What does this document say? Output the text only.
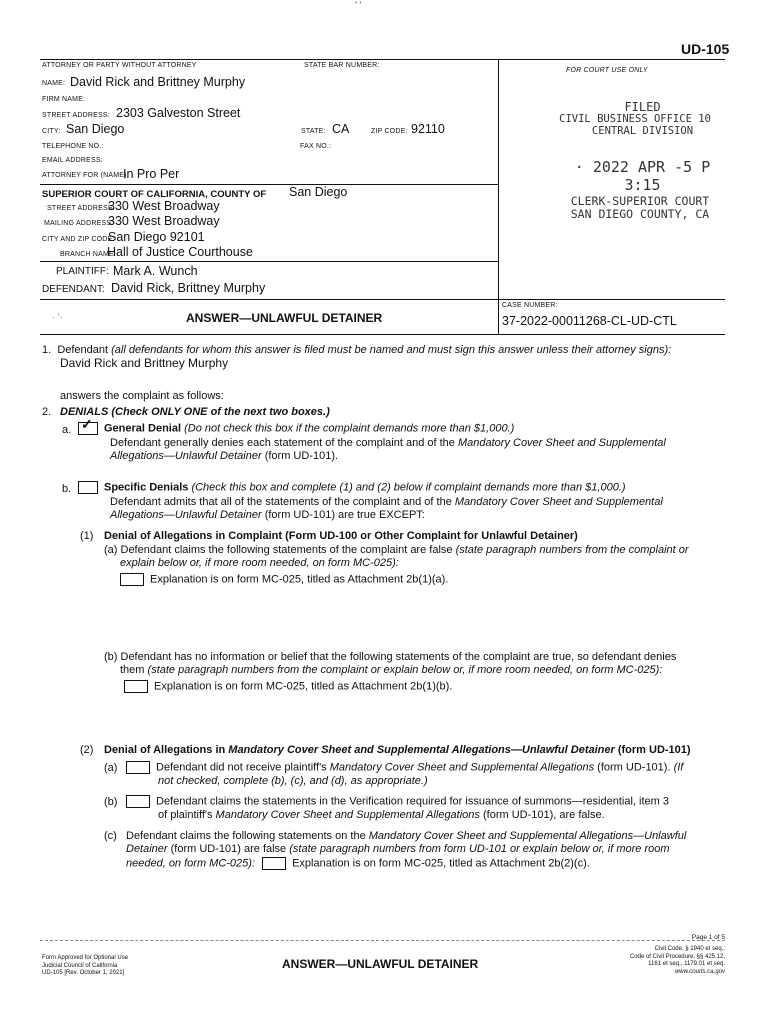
’ ’
UD-105
ATTORNEY OR PARTY WITHOUT ATTORNEY	STATE BAR NUMBER:
NAME: David Rick and Brittney Murphy
FIRM NAME:
STREET ADDRESS: 2303 Galveston Street
CITY: San Diego	STATE: CA	ZIP CODE: 92110
TELEPHONE NO.:	FAX NO.:
EMAIL ADDRESS:
ATTORNEY FOR (NAME):
In Pro Per
FOR COURT USE ONLY
FILED
CIVIL BUSINESS OFFICE 10
CENTRAL DIVISION
· 2022 APR -5 P 3:15
CLERK-SUPERIOR COURT
SAN DIEGO COUNTY, CA
SUPERIOR COURT OF CALIFORNIA, COUNTY OF San Diego
STREET ADDRESS:
330 West Broadway
MAILING ADDRESS:
330 West Broadway
CITY AND ZIP CODE:
San Diego 92101
BRANCH NAME:
Hall of Justice Courthouse
PLAINTIFF: Mark A. Wunch
DEFENDANT: David Rick, Brittney Murphy
· ‘·	ANSWER—UNLAWFUL DETAINER
CASE NUMBER:
37-2022-00011268-CL-UD-CTL
1. Defendant (all defendants for whom this answer is filed must be named and must sign this answer unless their attorney signs):
David Rick and Brittney Murphy
answers the complaint as follows:
2. DENIALS (Check ONLY ONE of the next two boxes.)
a. ✓ General Denial (Do not check this box if the complaint demands more than $1,000.)
Defendant generally denies each statement of the complaint and of the Mandatory Cover Sheet and Supplemental
Allegations—Unlawful Detainer (form UD-101).
b.	Specific Denials (Check this box and complete (1) and (2) below if complaint demands more than $1,000.)
Defendant admits that all of the statements of the complaint and of the Mandatory Cover Sheet and Supplemental
Allegations—Unlawful Detainer (form UD-101) are true EXCEPT:
(1) Denial of Allegations in Complaint (Form UD-100 or Other Complaint for Unlawful Detainer)
(a) Defendant claims the following statements of the complaint are false (state paragraph numbers from the complaint or
explain below or, if more room needed, on form MC-025):
Explanation is on form MC-025, titled as Attachment 2b(1)(a).
(b) Defendant has no information or belief that the following statements of the complaint are true, so defendant denies
them (state paragraph numbers from the complaint or explain below or, if more room needed, on form MC-025):
Explanation is on form MC-025, titled as Attachment 2b(1)(b).
(2) Denial of Allegations in Mandatory Cover Sheet and Supplemental Allegations—Unlawful Detainer (form UD-101)
(a)	Defendant did not receive plaintiff's Mandatory Cover Sheet and Supplemental Allegations (form UD-101). (If
not checked, complete (b), (c), and (d), as appropriate.)
(b)	Defendant claims the statements in the Verification required for issuance of summons—residential, item 3
of plaintiff's Mandatory Cover Sheet and Supplemental Allegations (form UD-101), are false.
(c) Defendant claims the following statements on the Mandatory Cover Sheet and Supplemental Allegations—Unlawful
Detainer (form UD-101) are false (state paragraph numbers from form UD-101 or explain below or, if more room
needed, on form MC-025):	Explanation is on form MC-025, titled as Attachment 2b(2)(c).
Form Approved for Optional Use
Judicial Council of California
UD-105 [Rev. October 1, 2021]
ANSWER—UNLAWFUL DETAINER
Page 1 of 5
Civil Code, § 1940 et seq.;
Code of Civil Procedure, §§ 425.12,
1161 et seq., 1179.01 et seq.
www.courts.ca.gov
